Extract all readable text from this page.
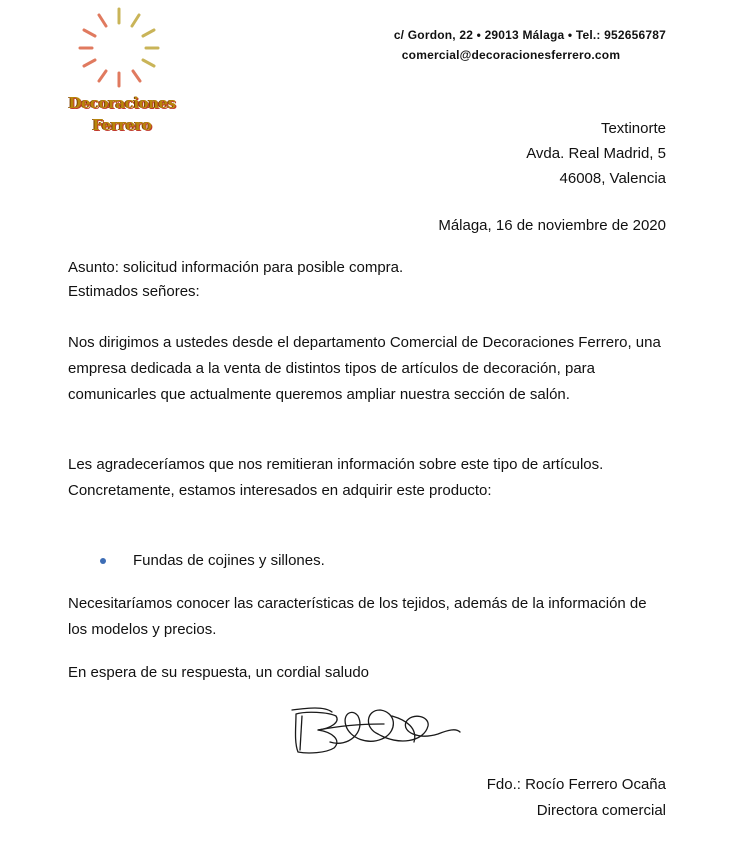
Decoraciones
Ferrero
c/ Gordon, 22 • 29013 Málaga • Tel.: 952656787
comercial@decoracionesferrero.com
Textinorte
Avda. Real Madrid, 5
46008, Valencia
Málaga, 16 de noviembre de 2020

Asunto: solicitud información para posible compra.

Estimados señores:

Nos dirigimos a ustedes desde el departamento Comercial de Decoraciones Ferrero, una empresa dedicada a la venta de distintos tipos de artículos de decoración, para comunicarles que actualmente queremos ampliar nuestra sección de salón.

Les agradeceríamos que nos remitieran información sobre este tipo de artículos. Concretamente, estamos interesados en adquirir este producto:

Fundas de cojines y sillones.

Necesitaríamos conocer las características de los tejidos, además de la información de los modelos y precios.

En espera de su respuesta, un cordial saludo

Fdo.: Rocío Ferrero Ocaña
Directora comercial
